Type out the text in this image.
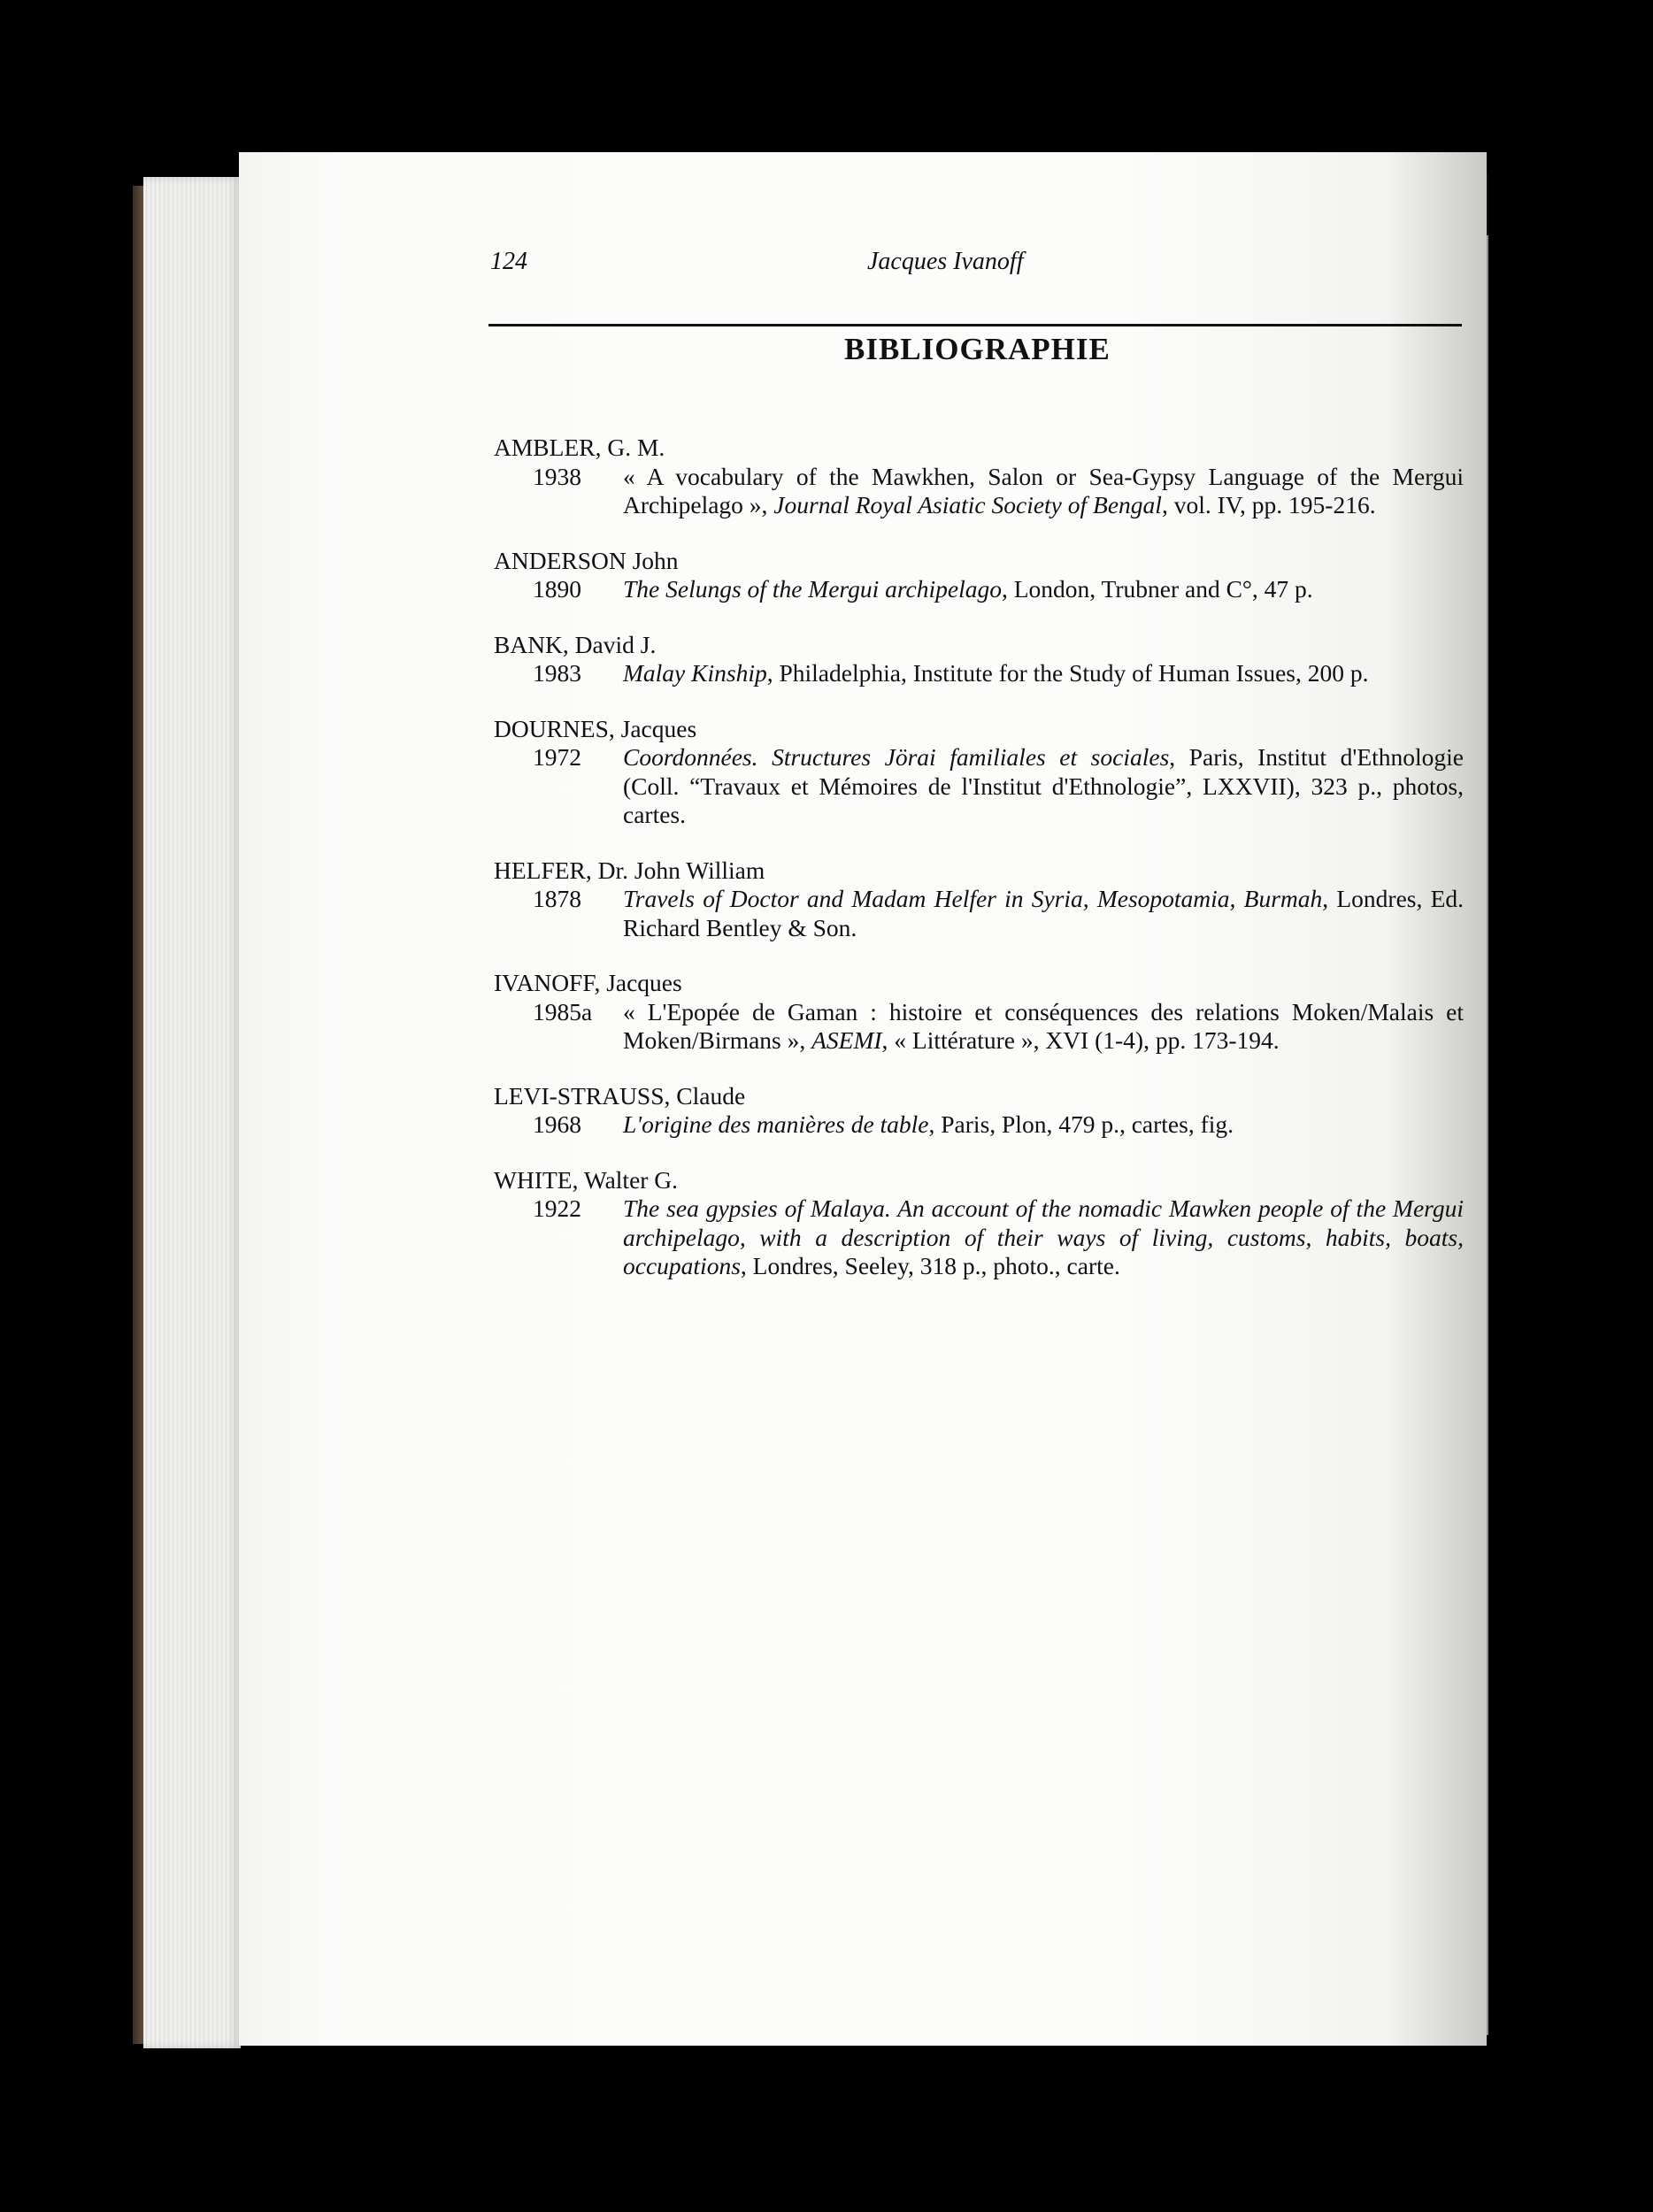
124	Jacques Ivanoff
BIBLIOGRAPHIE
AMBLER, G. M.
1938	« A vocabulary of the Mawkhen, Salon or Sea-Gypsy Language of the Mergui Archipelago », Journal Royal Asiatic Society of Bengal, vol. IV, pp. 195-216.
ANDERSON John
1890	The Selungs of the Mergui archipelago, London, Trubner and C°, 47 p.
BANK, David J.
1983	Malay Kinship, Philadelphia, Institute for the Study of Human Issues, 200 p.
DOURNES, Jacques
1972	Coordonnées. Structures Jörai familiales et sociales, Paris, Institut d'Ethnologie (Coll. “Travaux et Mémoires de l'Institut d'Ethnologie”, LXXVII), 323 p., photos, cartes.
HELFER, Dr. John William
1878	Travels of Doctor and Madam Helfer in Syria, Mesopotamia, Burmah, Londres, Ed. Richard Bentley & Son.
IVANOFF, Jacques
1985a	« L'Epopée de Gaman : histoire et conséquences des relations Moken/Malais et Moken/Birmans », ASEMI, « Littérature », XVI (1-4), pp. 173-194.
LEVI-STRAUSS, Claude
1968	L'origine des manières de table, Paris, Plon, 479 p., cartes, fig.
WHITE, Walter G.
1922	The sea gypsies of Malaya. An account of the nomadic Mawken people of the Mergui archipelago, with a description of their ways of living, customs, habits, boats, occupations, Londres, Seeley, 318 p., photo., carte.
